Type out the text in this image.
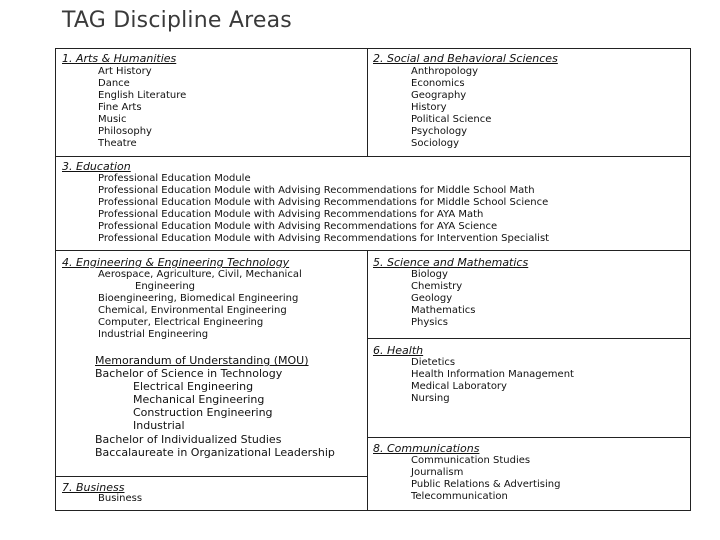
TAG Discipline Areas
1. Arts & Humanities
Art History
Dance
English Literature
Fine Arts
Music
Philosophy
Theatre
2. Social and Behavioral Sciences
Anthropology
Economics
Geography
History
Political Science
Psychology
Sociology
3. Education
Professional Education Module
Professional Education Module with Advising Recommendations for Middle School Math
Professional Education Module with Advising Recommendations for Middle School Science
Professional Education Module with Advising Recommendations for AYA Math
Professional Education Module with Advising Recommendations for AYA Science
Professional Education Module with Advising Recommendations for Intervention Specialist
4. Engineering & Engineering Technology
Aerospace, Agriculture, Civil, Mechanical
Engineering
Bioengineering, Biomedical Engineering
Chemical, Environmental Engineering
Computer, Electrical Engineering
Industrial Engineering
Memorandum of Understanding (MOU)
Bachelor of Science in Technology
Electrical Engineering
Mechanical Engineering
Construction Engineering
Industrial
Bachelor of Individualized Studies
Baccalaureate in Organizational Leadership
7. Business
Business
5. Science and Mathematics
Biology
Chemistry
Geology
Mathematics
Physics
6. Health
Dietetics
Health Information Management
Medical Laboratory
Nursing
8. Communications
Communication Studies
Journalism
Public Relations & Advertising
Telecommunication
